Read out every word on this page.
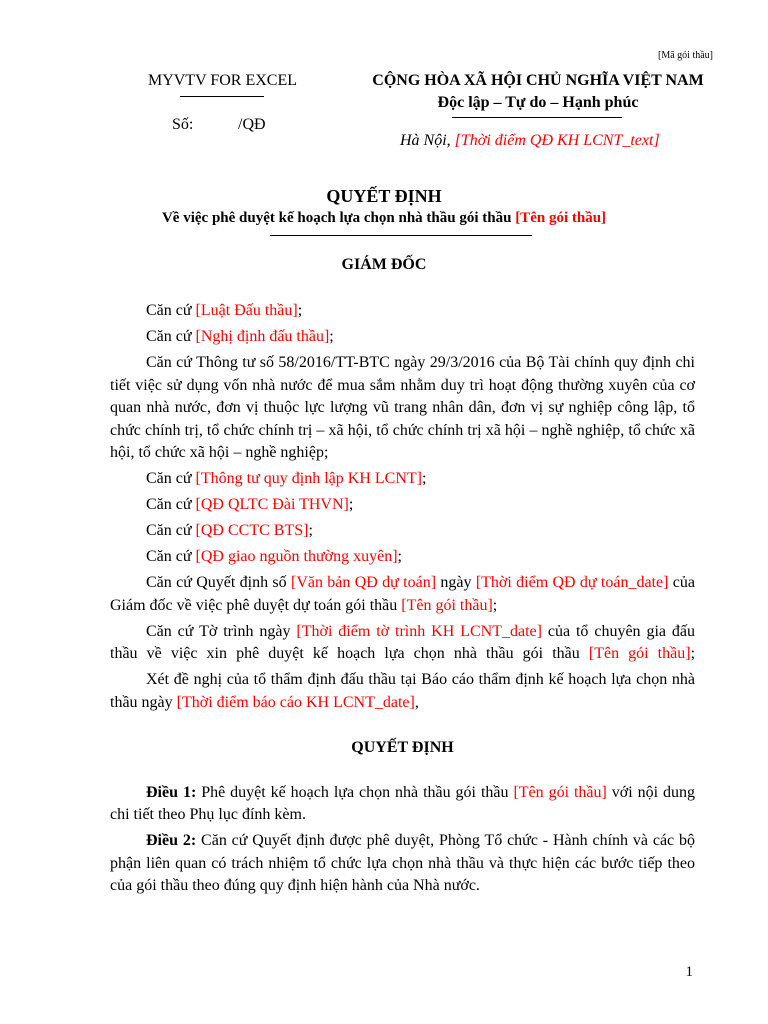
[Mã gói thầu]
MYVTV FOR EXCEL
Số:	/QĐ
CỘNG HÒA XÃ HỘI CHỦ NGHĨA VIỆT NAM
Độc lập – Tự do – Hạnh phúc
Hà Nội, [Thời điểm QĐ KH LCNT_text]
QUYẾT ĐỊNH
Về việc phê duyệt kế hoạch lựa chọn nhà thầu gói thầu [Tên gói thầu]
GIÁM ĐỐC

Căn cứ [Luật Đấu thầu];

Căn cứ [Nghị định đấu thầu];

Căn cứ Thông tư số 58/2016/TT-BTC ngày 29/3/2016 của Bộ Tài chính quy định chi tiết việc sử dụng vốn nhà nước để mua sắm nhằm duy trì hoạt động thường xuyên của cơ quan nhà nước, đơn vị thuộc lực lượng vũ trang nhân dân, đơn vị sự nghiệp công lập, tổ chức chính trị, tổ chức chính trị – xã hội, tổ chức chính trị xã hội – nghề nghiệp, tổ chức xã hội, tổ chức xã hội – nghề nghiệp;

Căn cứ [Thông tư quy định lập KH LCNT];

Căn cứ [QĐ QLTC Đài THVN];

Căn cứ [QĐ CCTC BTS];

Căn cứ [QĐ giao nguồn thường xuyên];

Căn cứ Quyết định số [Văn bản QĐ dự toán] ngày [Thời điểm QĐ dự toán_date] của Giám đốc về việc phê duyệt dự toán gói thầu [Tên gói thầu];

Căn cứ Tờ trình ngày [Thời điểm tờ trình KH LCNT_date] của tổ chuyên gia đấu thầu về việc xin phê duyệt kế hoạch lựa chọn nhà thầu gói thầu [Tên gói thầu];

Xét đề nghị của tổ thẩm định đấu thầu tại Báo cáo thẩm định kế hoạch lựa chọn nhà thầu ngày [Thời điểm báo cáo KH LCNT_date],

QUYẾT ĐỊNH

Điều 1: Phê duyệt kế hoạch lựa chọn nhà thầu gói thầu [Tên gói thầu] với nội dung chi tiết theo Phụ lục đính kèm.

Điều 2: Căn cứ Quyết định được phê duyệt, Phòng Tổ chức - Hành chính và các bộ phận liên quan có trách nhiệm tổ chức lựa chọn nhà thầu và thực hiện các bước tiếp theo của gói thầu theo đúng quy định hiện hành của Nhà nước.

1
